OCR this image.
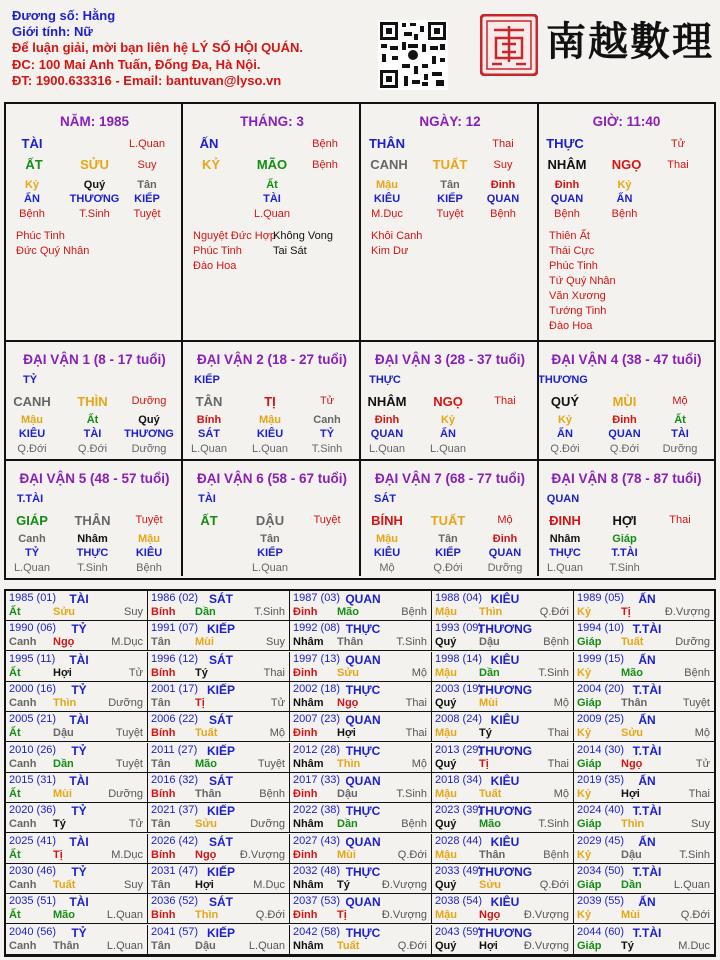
Đương số: Hằng
Giới tính: Nữ
Để luận giải, mời bạn liên hệ LÝ SỐ HỘI QUÁN.
ĐC: 100 Mai Anh Tuấn, Đống Đa, Hà Nội.
ĐT: 1900.633316 - Email: bantuvan@lyso.vn
南越數理
NĂM: 1985
TÀI	L.Quan
ẤT	SỬU	Suy
Kỷ
ẤN
Bệnh
Quý
THƯƠNG
T.Sinh
Tân
KIẾP
Tuyệt
Phúc Tinh
Đức Quý Nhân
THÁNG: 3
ẤN	Bệnh
KỶ	MÃO Bệnh
Ất
TÀI
L.Quan
Nguyệt Đức Hợp
Phúc Tinh
Đào Hoa
Không Vong
Tai Sát
NGÀY: 12
THÂN	Thai
CANH TUẤT Suy
Mậu
KIÊU
M.Dục
Tân
KIẾP
Tuyệt
Đinh
QUAN
Bệnh
Khôi Canh
Kim Dư
GIỜ: 11:40
THỰC	Tử
NHÂM NGỌ Thai
Đinh
QUAN
Bệnh
Kỷ
ẤN
Bệnh
Thiên Ất
Thái Cực
Phúc Tinh
Tứ Quý Nhân
Văn Xương
Tướng Tinh
Đào Hoa
ĐẠI VẬN 1 (8 - 17 tuổi)
TỶ
CANH THÌN Dưỡng
Mậu
KIÊU
Q.Đới
Ất
TÀI
Q.Đới
Quý
THƯƠNG
Dưỡng
ĐẠI VẬN 2 (18 - 27 tuổi)
KIẾP
TÂN	TỊ	Tử
Bính
SÁT
L.Quan
Mậu
KIÊU
L.Quan
Canh
TỶ
T.Sinh
ĐẠI VẬN 3 (28 - 37 tuổi)
THỰC
NHÂM NGỌ	Thai
Đinh
QUAN
L.Quan
Kỷ
ẤN
L.Quan
ĐẠI VẬN 4 (38 - 47 tuổi)
THƯƠNG
QUÝ	MÙI	Mộ
Kỷ
ẤN
Q.Đới
Đinh
QUAN
Q.Đới
Ất
TÀI
Dưỡng
ĐẠI VẬN 5 (48 - 57 tuổi)
T.TÀI
GIÁP THÂN Tuyệt
Canh
TỶ
L.Quan
Nhâm
THỰC
T.Sinh
Mậu
KIÊU
Bệnh
ĐẠI VẬN 6 (58 - 67 tuổi)
TÀI
ẤT	DẬU	Tuyệt
Tân
KIẾP
L.Quan
ĐẠI VẬN 7 (68 - 77 tuổi)
SÁT
BÍNH TUẤT	Mộ
Mậu
KIÊU
Mộ
Tân
KIẾP
Q.Đới
Đinh
QUAN
Dưỡng
ĐẠI VẬN 8 (78 - 87 tuổi)
QUAN
ĐINH HỢI	Thai
Nhâm
THỰC
L.Quan
Giáp
T.TÀI
T.Sinh
1985 (01) TÀI
Ất	Sửu	Suy
1986 (02) SÁT
Bính Dần	T.Sinh
1987 (03) QUAN
Đinh Mão	Bệnh
1988 (04) KIÊU
Mậu Thìn	Q.Đới
1989 (05) ẤN
Kỷ	Tị	Đ.Vượng
1990 (06) TỶ
Canh Ngọ	M.Dục
1991 (07) KIẾP
Tân Mùi	Suy
1992 (08) THỰC
Nhâm Thân	T.Sinh
1993 (09)
THƯƠNG
Quý Dậu	Bệnh
1994 (10) T.TÀI
Giáp Tuất	Dưỡng
1995 (11) TÀI
Ất	Hợi	Tử
1996 (12) SÁT
Bính Tý	Thai
1997 (13) QUAN
Đinh Sửu	Mộ
1998 (14) KIÊU
Mậu Dần	T.Sinh
1999 (15) ẤN
Kỷ	Mão	Bệnh
2000 (16) TỶ
Canh Thìn	Dưỡng
2001 (17) KIẾP
Tân Tị	Tử
2002 (18) THỰC
Nhâm Ngọ	Thai
2003 (19)
THƯƠNG
Quý Mùi	Mộ
2004 (20) T.TÀI
Giáp Thân	Tuyệt
2005 (21) TÀI
Ất	Dậu	Tuyệt
2006 (22) SÁT
Bính Tuất	Mộ
2007 (23) QUAN
Đinh Hợi	Thai
2008 (24) KIÊU
Mậu Tý	Thai
2009 (25) ẤN
Kỷ	Sửu	Mộ
2010 (26) TỶ
Canh Dần	Tuyệt
2011 (27) KIẾP
Tân Mão	Tuyệt
2012 (28) THỰC
Nhâm Thìn	Mộ
2013 (29)
THƯƠNG
Quý Tị	Thai
2014 (30) T.TÀI
Giáp Ngọ	Tử
2015 (31) TÀI
Ất	Mùi	Dưỡng
2016 (32) SÁT
Bính Thân	Bệnh
2017 (33) QUAN
Đinh Dậu	T.Sinh
2018 (34) KIÊU
Mậu Tuất	Mộ
2019 (35) ẤN
Kỷ	Hợi	Thai
2020 (36) TỶ
Canh Tý	Tử
2021 (37) KIẾP
Tân Sửu	Dưỡng
2022 (38) THỰC
Nhâm Dần	Bệnh
2023 (39)
THƯƠNG
Quý Mão	T.Sinh
2024 (40) T.TÀI
Giáp Thìn	Suy
2025 (41) TÀI
Ất	Tị	M.Dục
2026 (42) SÁT
Bính Ngọ Đ.Vượng
2027 (43) QUAN
Đinh Mùi	Q.Đới
2028 (44) KIÊU
Mậu Thân	Bệnh
2029 (45) ẤN
Kỷ	Dậu	T.Sinh
2030 (46) TỶ
Canh Tuất	Suy
2031 (47) KIẾP
Tân Hợi	M.Dục
2032 (48) THỰC
Nhâm Tý	Đ.Vượng
2033 (49)
THƯƠNG
Quý Sửu	Q.Đới
2034 (50) T.TÀI
Giáp Dần	L.Quan
2035 (51) TÀI
Ất	Mão	L.Quan
2036 (52) SÁT
Bính Thìn	Q.Đới
2037 (53) QUAN
Đinh Tị	Đ.Vượng
2038 (54) KIÊU
Mậu Ngọ Đ.Vượng
2039 (55) ẤN
Kỷ	Mùi	Q.Đới
2040 (56) TỶ
Canh Thân	L.Quan
2041 (57) KIẾP
Tân Dậu	L.Quan
2042 (58) THỰC
Nhâm Tuất	Q.Đới
2043 (59)
THƯƠNG
Quý Hợi Đ.Vượng
2044 (60) T.TÀI
Giáp Tý	M.Dục
